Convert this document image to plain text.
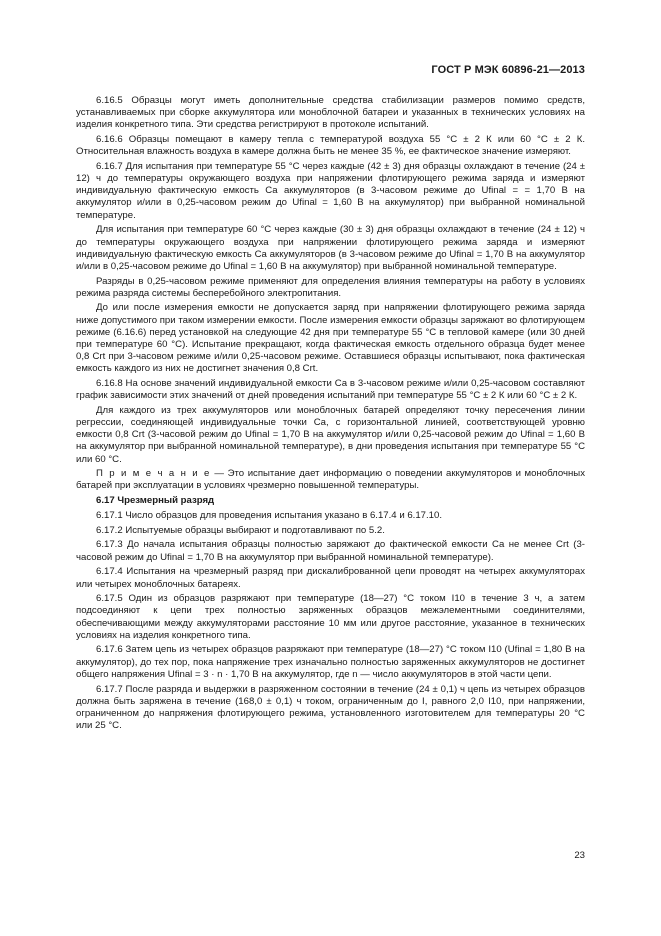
ГОСТ Р МЭК 60896-21—2013

6.16.5 Образцы могут иметь дополнительные средства стабилизации размеров помимо средств, устанавливаемых при сборке аккумулятора или моноблочной батареи и указанных в технических условиях на изделия конкретного типа. Эти средства регистрируют в протоколе испытаний.

6.16.6 Образцы помещают в камеру тепла с температурой воздуха 55 °С ± 2 К или 60 °С ± 2 К. Относительная влажность воздуха в камере должна быть не менее 35 %, ее фактическое значение измеряют.

6.16.7 Для испытания при температуре 55 °С через каждые (42 ± 3) дня образцы охлаждают в течение (24 ± 12) ч до температуры окружающего воздуха при напряжении флотирующего режима заряда и измеряют индивидуальную фактическую емкость Ca аккумуляторов (в 3-часовом режиме до Ufinal = = 1,70 В на аккумулятор и/или в 0,25-часовом режим до Ufinal = 1,60 В на аккумулятор) при выбранной номинальной температуре.

Для испытания при температуре 60 °С через каждые (30 ± 3) дня образцы охлаждают в течение (24 ± 12) ч до температуры окружающего воздуха при напряжении флотирующего режима заряда и измеряют индивидуальную фактическую емкость Ca аккумуляторов (в 3-часовом режиме до Ufinal = 1,70 В на аккумулятор и/или в 0,25-часовом режиме до Ufinal = 1,60 В на аккумулятор) при выбранной номинальной температуре.

Разряды в 0,25-часовом режиме применяют для определения влияния температуры на работу в условиях режима разряда системы бесперебойного электропитания.

До или после измерения емкости не допускается заряд при напряжении флотирующего режима заряда ниже допустимого при таком измерении емкости. После измерения емкости образцы заряжают во флотирующем режиме (6.16.6) перед установкой на следующие 42 дня при температуре 55 °С в тепловой камере (или 30 дней при температуре 60 °С). Испытание прекращают, когда фактическая емкость отдельного образца будет менее 0,8 Crt при 3-часовом режиме и/или 0,25-часовом режиме. Оставшиеся образцы испытывают, пока фактическая емкость каждого из них не достигнет значения 0,8 Crt.

6.16.8 На основе значений индивидуальной емкости Ca в 3-часовом режиме и/или 0,25-часовом составляют график зависимости этих значений от дней проведения испытаний при температуре 55 °С ± 2 К или 60 °С ± 2 К.

Для каждого из трех аккумуляторов или моноблочных батарей определяют точку пересечения линии регрессии, соединяющей индивидуальные точки Ca, с горизонтальной линией, соответствующей уровню емкости 0,8 Crt (3-часовой режим до Ufinal = 1,70 В на аккумулятор и/или 0,25-часовой режим до Ufinal = 1,60 В на аккумулятор при выбранной номинальной температуре), в дни проведения испытания при температуре 55 °С или 60 °С.

П р и м е ч а н и е — Это испытание дает информацию о поведении аккумуляторов и моноблочных батарей при эксплуатации в условиях чрезмерно повышенной температуры.

6.17 Чрезмерный разряд

6.17.1 Число образцов для проведения испытания указано в 6.17.4 и 6.17.10.

6.17.2 Испытуемые образцы выбирают и подготавливают по 5.2.

6.17.3 До начала испытания образцы полностью заряжают до фактической емкости Ca не менее Crt (3-часовой режим до Ufinal = 1,70 В на аккумулятор при выбранной номинальной температуре).

6.17.4 Испытания на чрезмерный разряд при дискалиброванной цепи проводят на четырех аккумуляторах или четырех моноблочных батареях.

6.17.5 Один из образцов разряжают при температуре (18—27) °С током I10 в течение 3 ч, а затем подсоединяют к цепи трех полностью заряженных образцов межэлементными соединителями, обеспечивающими между аккумуляторами расстояние 10 мм или другое расстояние, указанное в технических условиях на изделия конкретного типа.

6.17.6 Затем цепь из четырех образцов разряжают при температуре (18—27) °С током I10 (Ufinal = 1,80 В на аккумулятор), до тех пор, пока напряжение трех изначально полностью заряженных аккумуляторов не достигнет общего напряжения Ufinal = 3 · n · 1,70 В на аккумулятор, где n — число аккумуляторов в этой части цепи.

6.17.7 После разряда и выдержки в разряженном состоянии в течение (24 ± 0,1) ч цепь из четырех образцов должна быть заряжена в течение (168,0 ± 0,1) ч током, ограниченным до I, равного 2,0 I10, при напряжении, ограниченном до напряжения флотирующего режима, установленного изготовителем для температуры 20 °С или 25 °С.

23
